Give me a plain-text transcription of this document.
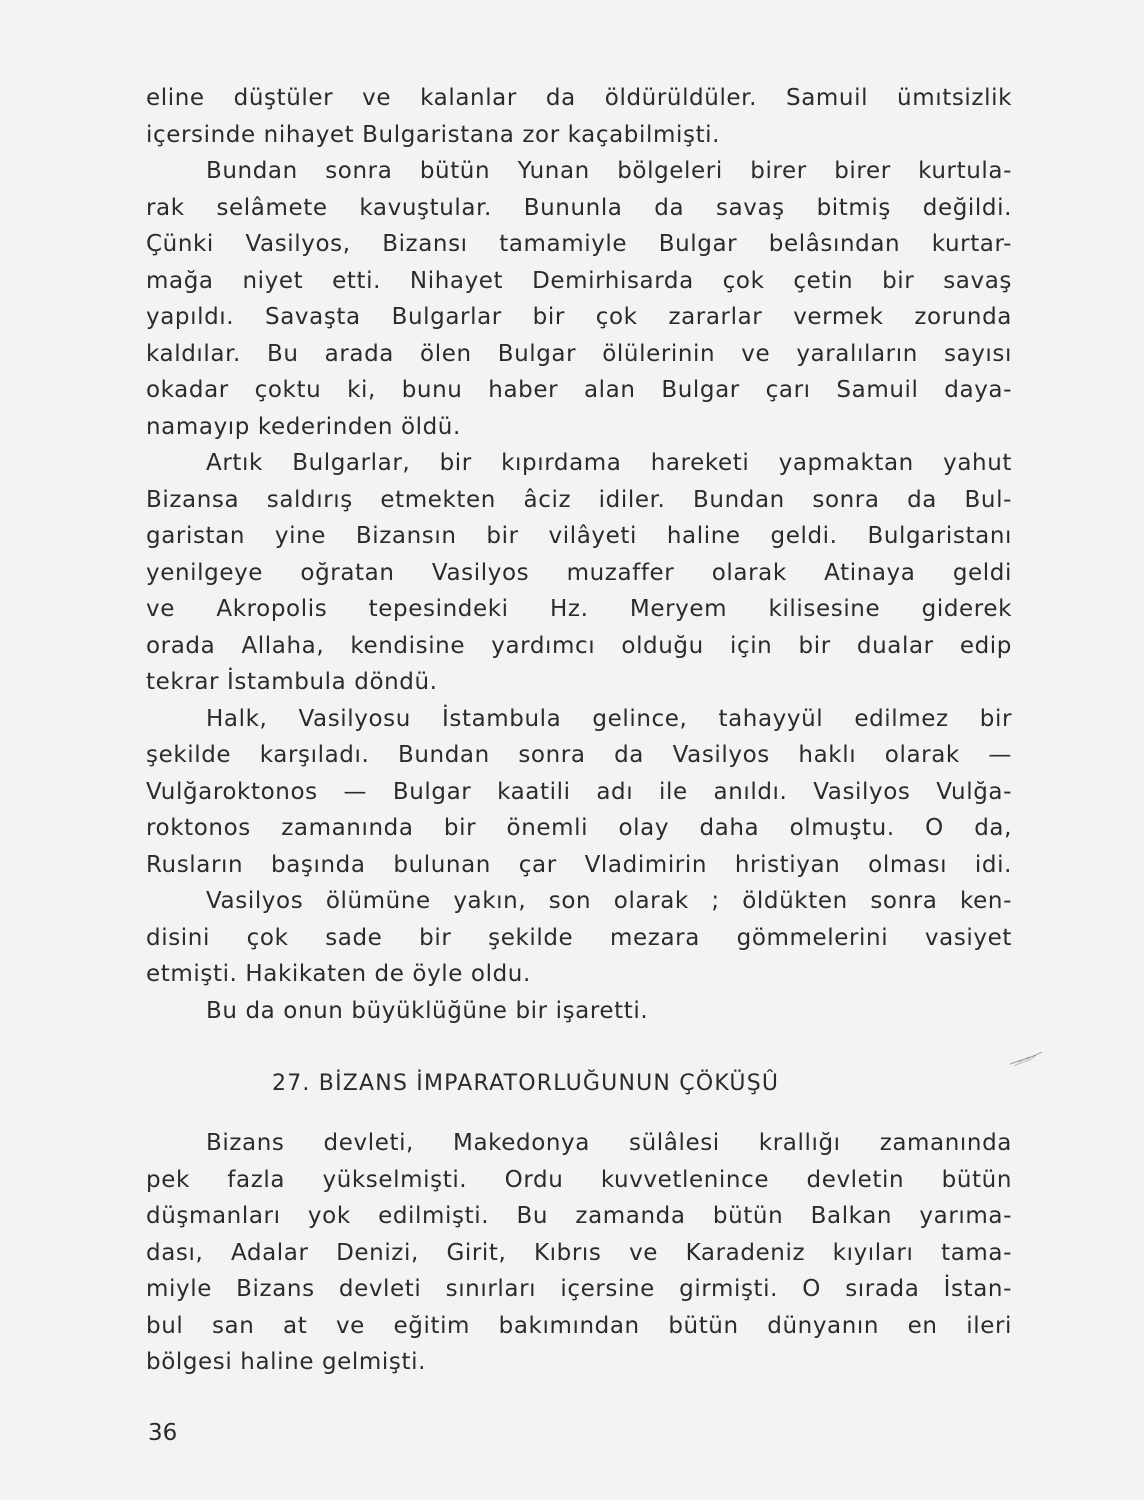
eline düştüler ve kalanlar da öldürüldüler. Samuil ümıtsizlik
içersinde nihayet Bulgaristana zor kaçabilmişti.
Bundan sonra bütün Yunan bölgeleri birer birer kurtula-
rak selâmete kavuştular. Bununla da savaş bitmiş değildi.
Çünki Vasilyos, Bizansı tamamiyle Bulgar belâsından kurtar-
mağa niyet etti. Nihayet Demirhisarda çok çetin bir savaş
yapıldı. Savaşta Bulgarlar bir çok zararlar vermek zorunda
kaldılar. Bu arada ölen Bulgar ölülerinin ve yaralıların sayısı
okadar çoktu ki, bunu haber alan Bulgar çarı Samuil daya-
namayıp kederinden öldü.
Artık Bulgarlar, bir kıpırdama hareketi yapmaktan yahut
Bizansa saldırış etmekten âciz idiler. Bundan sonra da Bul-
garistan yine Bizansın bir vilâyeti haline geldi. Bulgaristanı
yenilgeye oğratan Vasilyos muzaffer olarak Atinaya geldi
ve Akropolis tepesindeki Hz. Meryem kilisesine giderek
orada Allaha, kendisine yardımcı olduğu için bir dualar edip
tekrar İstambula döndü.
Halk, Vasilyosu İstambula gelince, tahayyül edilmez bir
şekilde karşıladı. Bundan sonra da Vasilyos haklı olarak —
Vulğaroktonos — Bulgar kaatili adı ile anıldı. Vasilyos Vulğa-
roktonos zamanında bir önemli olay daha olmuştu. O da,
Rusların başında bulunan çar Vladimirin hristiyan olması idi.
Vasilyos ölümüne yakın, son olarak ; öldükten sonra ken-
disini çok sade bir şekilde mezara gömmelerini vasiyet
etmişti. Hakikaten de öyle oldu.
Bu da onun büyüklüğüne bir işaretti.
27. BİZANS İMPARATORLUĞUNUN ÇÖKÜŞÛ
Bizans devleti, Makedonya sülâlesi krallığı zamanında
pek fazla yükselmişti. Ordu kuvvetlenince devletin bütün
düşmanları yok edilmişti. Bu zamanda bütün Balkan yarıma-
dası, Adalar Denizi, Girit, Kıbrıs ve Karadeniz kıyıları tama-
miyle Bizans devleti sınırları içersine girmişti. O sırada İstan-
bul san at ve eğitim bakımından bütün dünyanın en ileri
bölgesi haline gelmişti.
36
